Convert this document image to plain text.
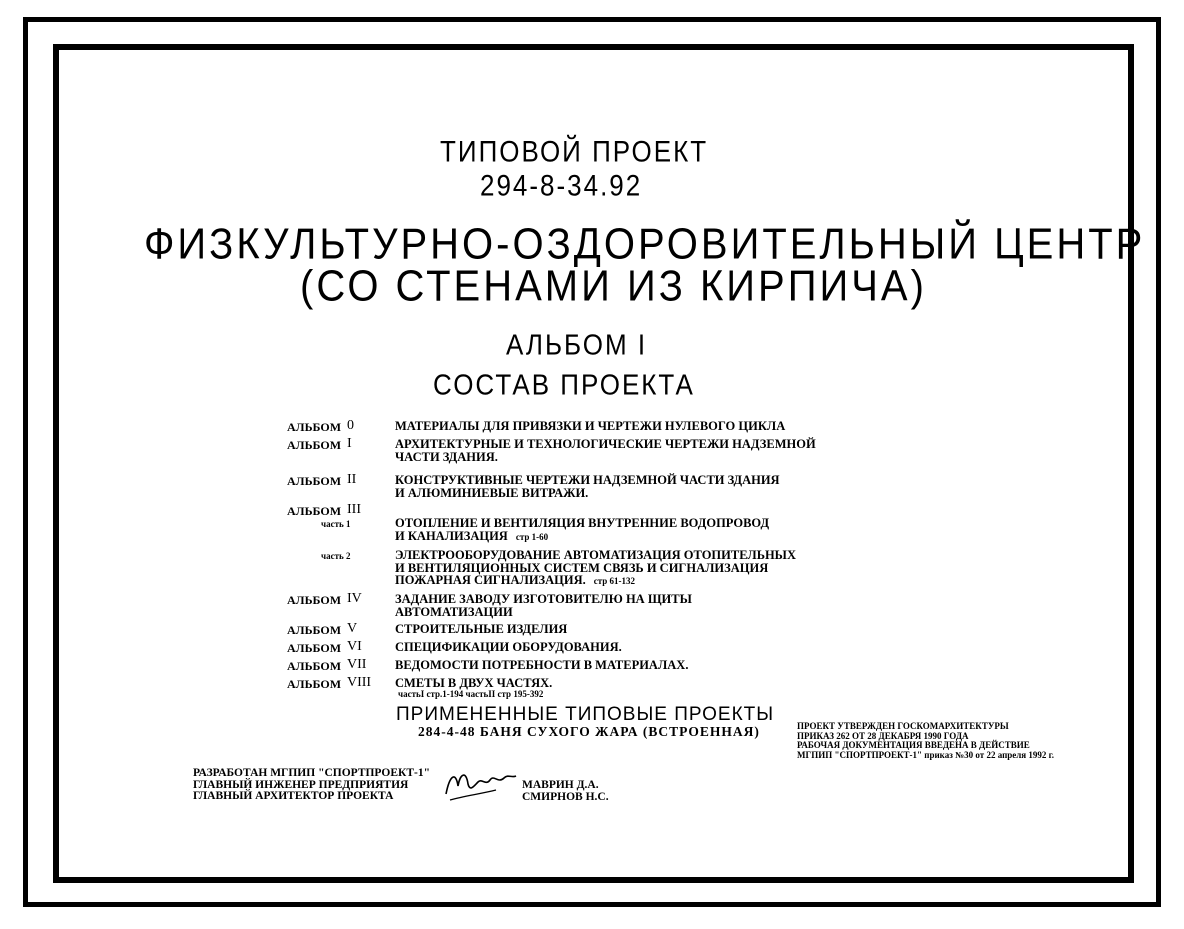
ТИПОВОЙ ПРОЕКТ
294-8-34.92
ФИЗКУЛЬТУРНО-ОЗДОРОВИТЕЛЬНЫЙ ЦЕНТР
(СО СТЕНАМИ ИЗ КИРПИЧА)
АЛЬБОМ I
СОСТАВ ПРОЕКТА
АЛЬБОМ 0	МАТЕРИАЛЫ ДЛЯ ПРИВЯЗКИ И ЧЕРТЕЖИ НУЛЕВОГО ЦИКЛА
АЛЬБОМ I	АРХИТЕКТУРНЫЕ И ТЕХНОЛОГИЧЕСКИЕ ЧЕРТЕЖИ НАДЗЕМНОЙ
ЧАСТИ ЗДАНИЯ.
АЛЬБОМ II	КОНСТРУКТИВНЫЕ ЧЕРТЕЖИ НАДЗЕМНОЙ ЧАСТИ ЗДАНИЯ
И АЛЮМИНИЕВЫЕ ВИТРАЖИ.
АЛЬБОМ III
часть 1	ОТОПЛЕНИЕ И ВЕНТИЛЯЦИЯ ВНУТРЕННИЕ ВОДОПРОВОД
И КАНАЛИЗАЦИЯ стр 1-60
часть 2	ЭЛЕКТРООБОРУДОВАНИЕ АВТОМАТИЗАЦИЯ ОТОПИТЕЛЬНЫХ
И ВЕНТИЛЯЦИОННЫХ СИСТЕМ СВЯЗЬ И СИГНАЛИЗАЦИЯ
ПОЖАРНАЯ СИГНАЛИЗАЦИЯ. стр 61-132
АЛЬБОМ IV	ЗАДАНИЕ ЗАВОДУ ИЗГОТОВИТЕЛЮ НА ЩИТЫ
АВТОМАТИЗАЦИИ
АЛЬБОМ V	СТРОИТЕЛЬНЫЕ ИЗДЕЛИЯ
АЛЬБОМ VI	СПЕЦИФИКАЦИИ ОБОРУДОВАНИЯ.
АЛЬБОМ VII ВЕДОМОСТИ ПОТРЕБНОСТИ В МАТЕРИАЛАХ.
АЛЬБОМ VIII СМЕТЫ В ДВУХ ЧАСТЯХ.
частьI стр.1-194 частьII стр 195-392
ПРИМЕНЕННЫЕ ТИПОВЫЕ ПРОЕКТЫ
284-4-48 БАНЯ СУХОГО ЖАРА (ВСТРОЕННАЯ)	ПРОЕКТ УТВЕРЖДЕН ГОСКОМАРХИТЕКТУРЫ
ПРИКАЗ 262 ОТ 28 ДЕКАБРЯ 1990 ГОДА
РАБОЧАЯ ДОКУМЕНТАЦИЯ ВВЕДЕНА В ДЕЙСТВИЕ
МГПИП "СПОРТПРОЕКТ-1" приказ №30 от 22 апреля 1992 г.
РАЗРАБОТАН МГПИП "СПОРТПРОЕКТ-1"
ГЛАВНЫЙ ИНЖЕНЕР ПРЕДПРИЯТИЯ
ГЛАВНЫЙ АРХИТЕКТОР ПРОЕКТА
МАВРИН Д.А.
СМИРНОВ Н.С.
